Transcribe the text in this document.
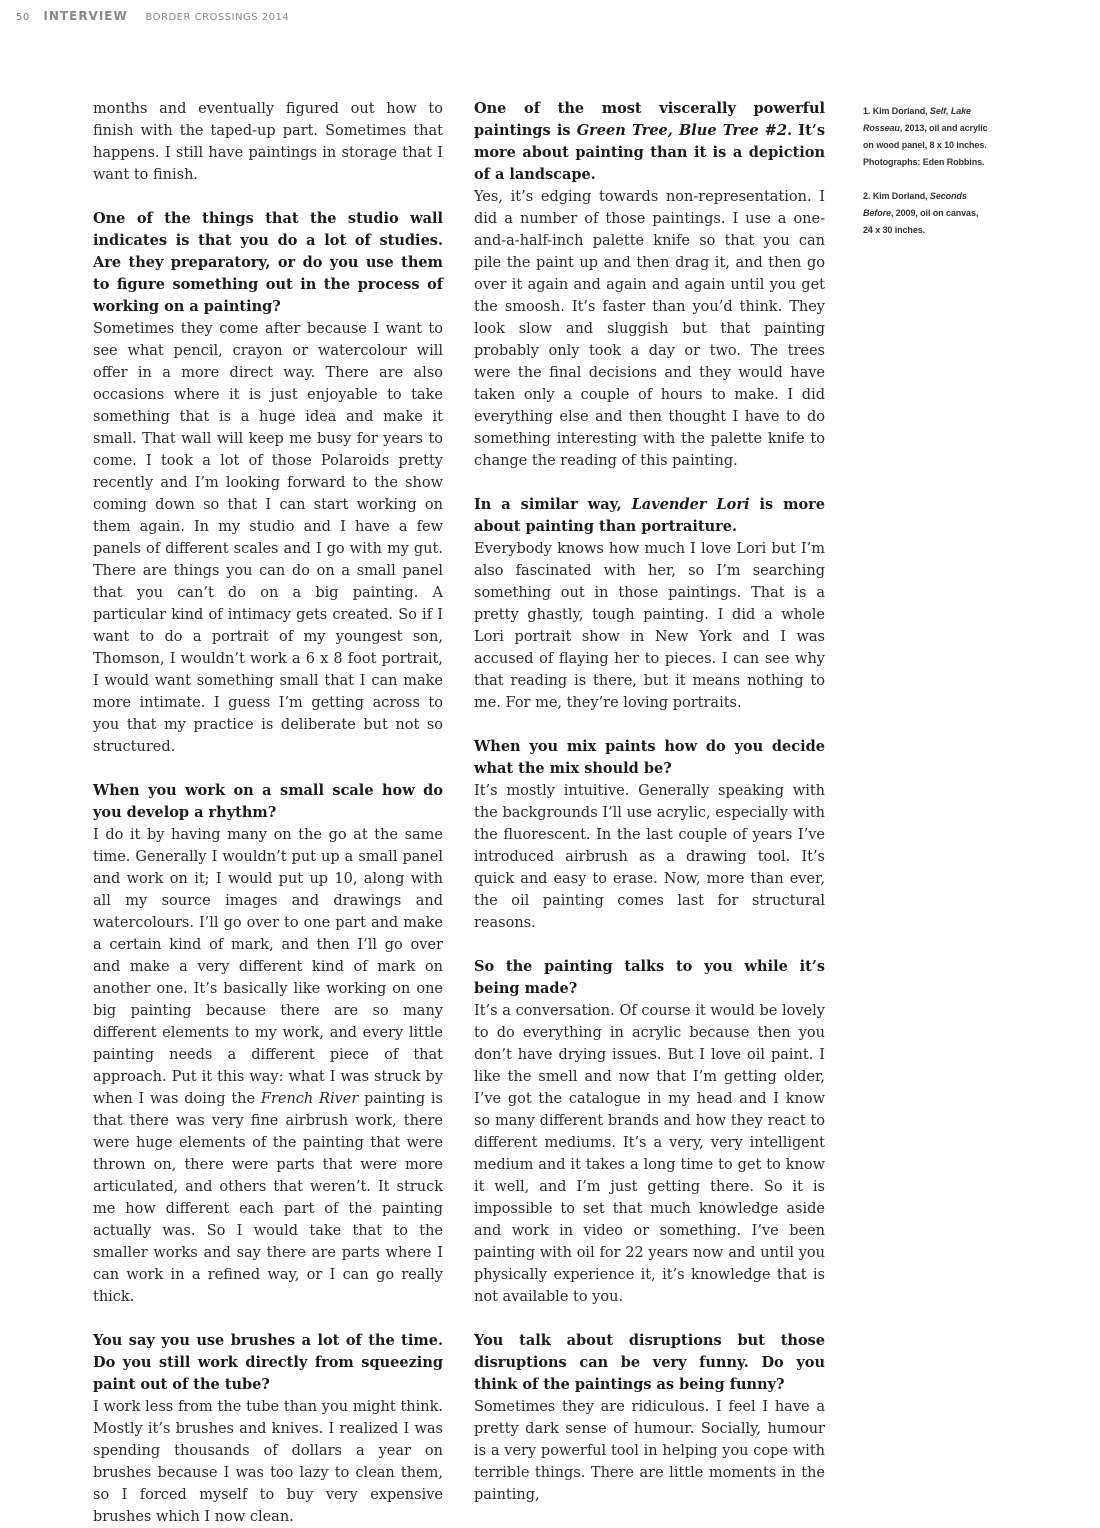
50 INTERVIEW BORDER CROSSINGS 2014

months and eventually figured out how to finish with the taped-up part. Sometimes that happens. I still have paintings in storage that I want to finish.

One of the things that the studio wall indicates is that you do a lot of studies. Are they preparatory, or do you use them to figure something out in the process of working on a painting?

Sometimes they come after because I want to see what pencil, crayon or watercolour will offer in a more direct way. There are also occasions where it is just enjoyable to take something that is a huge idea and make it small. That wall will keep me busy for years to come. I took a lot of those Polaroids pretty recently and I’m looking forward to the show coming down so that I can start working on them again. In my studio and I have a few panels of different scales and I go with my gut. There are things you can do on a small panel that you can’t do on a big painting. A particular kind of intimacy gets created. So if I want to do a portrait of my youngest son, Thomson, I wouldn’t work a 6 x 8 foot portrait, I would want something small that I can make more intimate. I guess I’m getting across to you that my practice is deliberate but not so structured.

When you work on a small scale how do you develop a rhythm?

I do it by having many on the go at the same time. Generally I wouldn’t put up a small panel and work on it; I would put up 10, along with all my source images and drawings and watercolours. I’ll go over to one part and make a certain kind of mark, and then I’ll go over and make a very different kind of mark on another one. It’s basically like working on one big painting because there are so many different elements to my work, and every little painting needs a different piece of that approach. Put it this way: what I was struck by when I was doing the French River painting is that there was very fine airbrush work, there were huge elements of the painting that were thrown on, there were parts that were more articulated, and others that weren’t. It struck me how different each part of the painting actually was. So I would take that to the smaller works and say there are parts where I can work in a refined way, or I can go really thick.

You say you use brushes a lot of the time. Do you still work directly from squeezing paint out of the tube?

I work less from the tube than you might think. Mostly it’s brushes and knives. I realized I was spending thousands of dollars a year on brushes because I was too lazy to clean them, so I forced myself to buy very expensive brushes which I now clean.

One of the most viscerally powerful paintings is Green Tree, Blue Tree #2. It’s more about painting than it is a depiction of a landscape.

Yes, it’s edging towards non-representation. I did a number of those paintings. I use a one-and-a-half-inch palette knife so that you can pile the paint up and then drag it, and then go over it again and again and again until you get the smoosh. It’s faster than you’d think. They look slow and sluggish but that painting probably only took a day or two. The trees were the final decisions and they would have taken only a couple of hours to make. I did everything else and then thought I have to do something interesting with the palette knife to change the reading of this painting.

In a similar way, Lavender Lori is more about painting than portraiture.

Everybody knows how much I love Lori but I’m also fascinated with her, so I’m searching something out in those paintings. That is a pretty ghastly, tough painting. I did a whole Lori portrait show in New York and I was accused of flaying her to pieces. I can see why that reading is there, but it means nothing to me. For me, they’re loving portraits.

When you mix paints how do you decide what the mix should be?

It’s mostly intuitive. Generally speaking with the backgrounds I’ll use acrylic, especially with the fluorescent. In the last couple of years I’ve introduced airbrush as a drawing tool. It’s quick and easy to erase. Now, more than ever, the oil painting comes last for structural reasons.

So the painting talks to you while it’s being made?

It’s a conversation. Of course it would be lovely to do everything in acrylic because then you don’t have drying issues. But I love oil paint. I like the smell and now that I’m getting older, I’ve got the catalogue in my head and I know so many different brands and how they react to different mediums. It’s a very, very intelligent medium and it takes a long time to get to know it well, and I’m just getting there. So it is impossible to set that much knowledge aside and work in video or something. I’ve been painting with oil for 22 years now and until you physically experience it, it’s knowledge that is not available to you.

You talk about disruptions but those disruptions can be very funny. Do you think of the paintings as being funny?

Sometimes they are ridiculous. I feel I have a pretty dark sense of humour. Socially, humour is a very powerful tool in helping you cope with terrible things. There are little moments in the painting,

1. Kim Dorland, Self, Lake Rosseau, 2013, oil and acrylic on wood panel, 8 x 10 inches. Photographs: Eden Robbins.
2. Kim Dorland, Seconds Before, 2009, oil on canvas, 24 x 30 inches.
